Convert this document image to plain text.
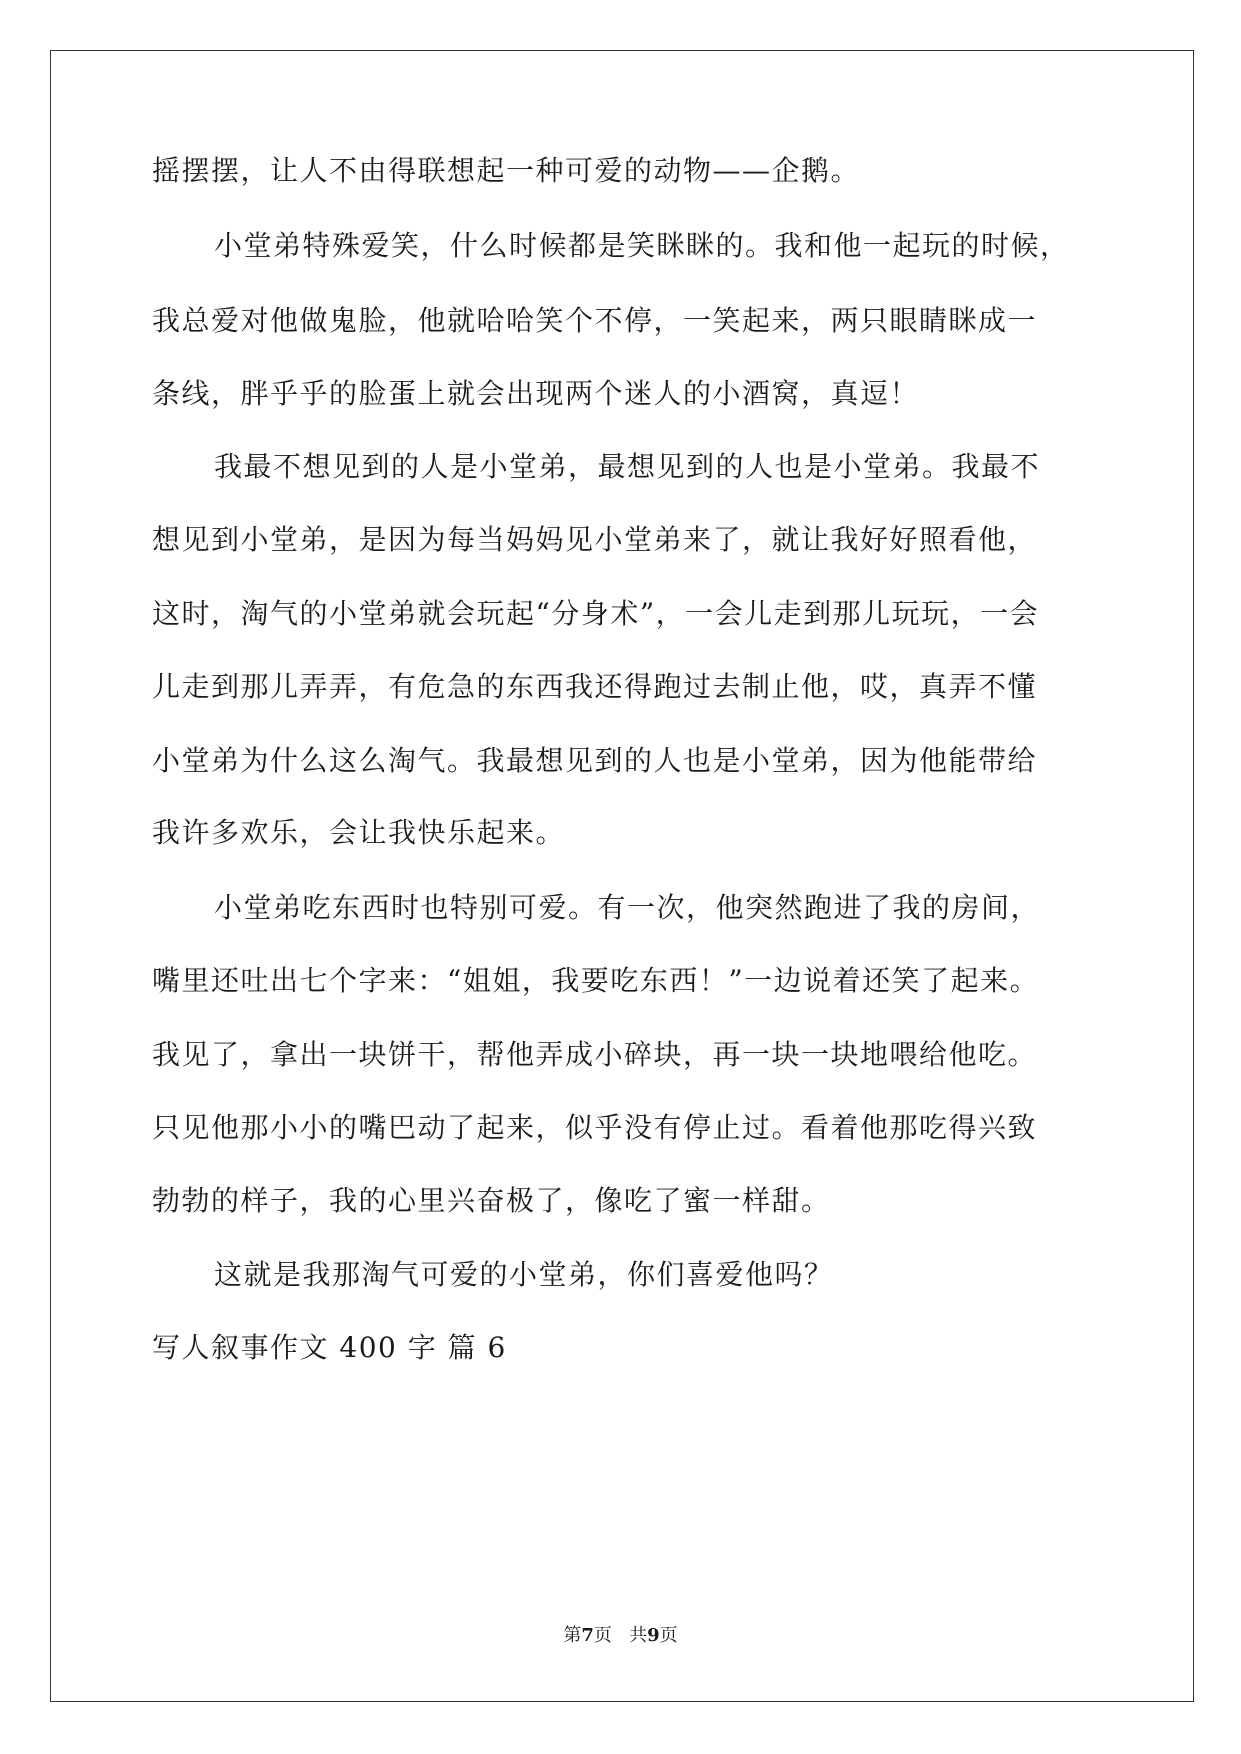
摇摆摆，让人不由得联想起一种可爱的动物——企鹅。
小堂弟特殊爱笑，什么时候都是笑眯眯的。我和他一起玩的时候，
我总爱对他做鬼脸，他就哈哈笑个不停，一笑起来，两只眼睛眯成一
条线，胖乎乎的脸蛋上就会出现两个迷人的小酒窝，真逗！
我最不想见到的人是小堂弟，最想见到的人也是小堂弟。我最不
想见到小堂弟，是因为每当妈妈见小堂弟来了，就让我好好照看他，
这时，淘气的小堂弟就会玩起“分身术”，一会儿走到那儿玩玩，一会
儿走到那儿弄弄，有危急的东西我还得跑过去制止他，哎，真弄不懂
小堂弟为什么这么淘气。我最想见到的人也是小堂弟，因为他能带给
我许多欢乐，会让我快乐起来。
小堂弟吃东西时也特别可爱。有一次，他突然跑进了我的房间，
嘴里还吐出七个字来：“姐姐，我要吃东西！”一边说着还笑了起来。
我见了，拿出一块饼干，帮他弄成小碎块，再一块一块地喂给他吃。
只见他那小小的嘴巴动了起来，似乎没有停止过。看着他那吃得兴致
勃勃的样子，我的心里兴奋极了，像吃了蜜一样甜。
这就是我那淘气可爱的小堂弟，你们喜爱他吗？
写人叙事作文 400 字 篇 6
第7页 共9页
